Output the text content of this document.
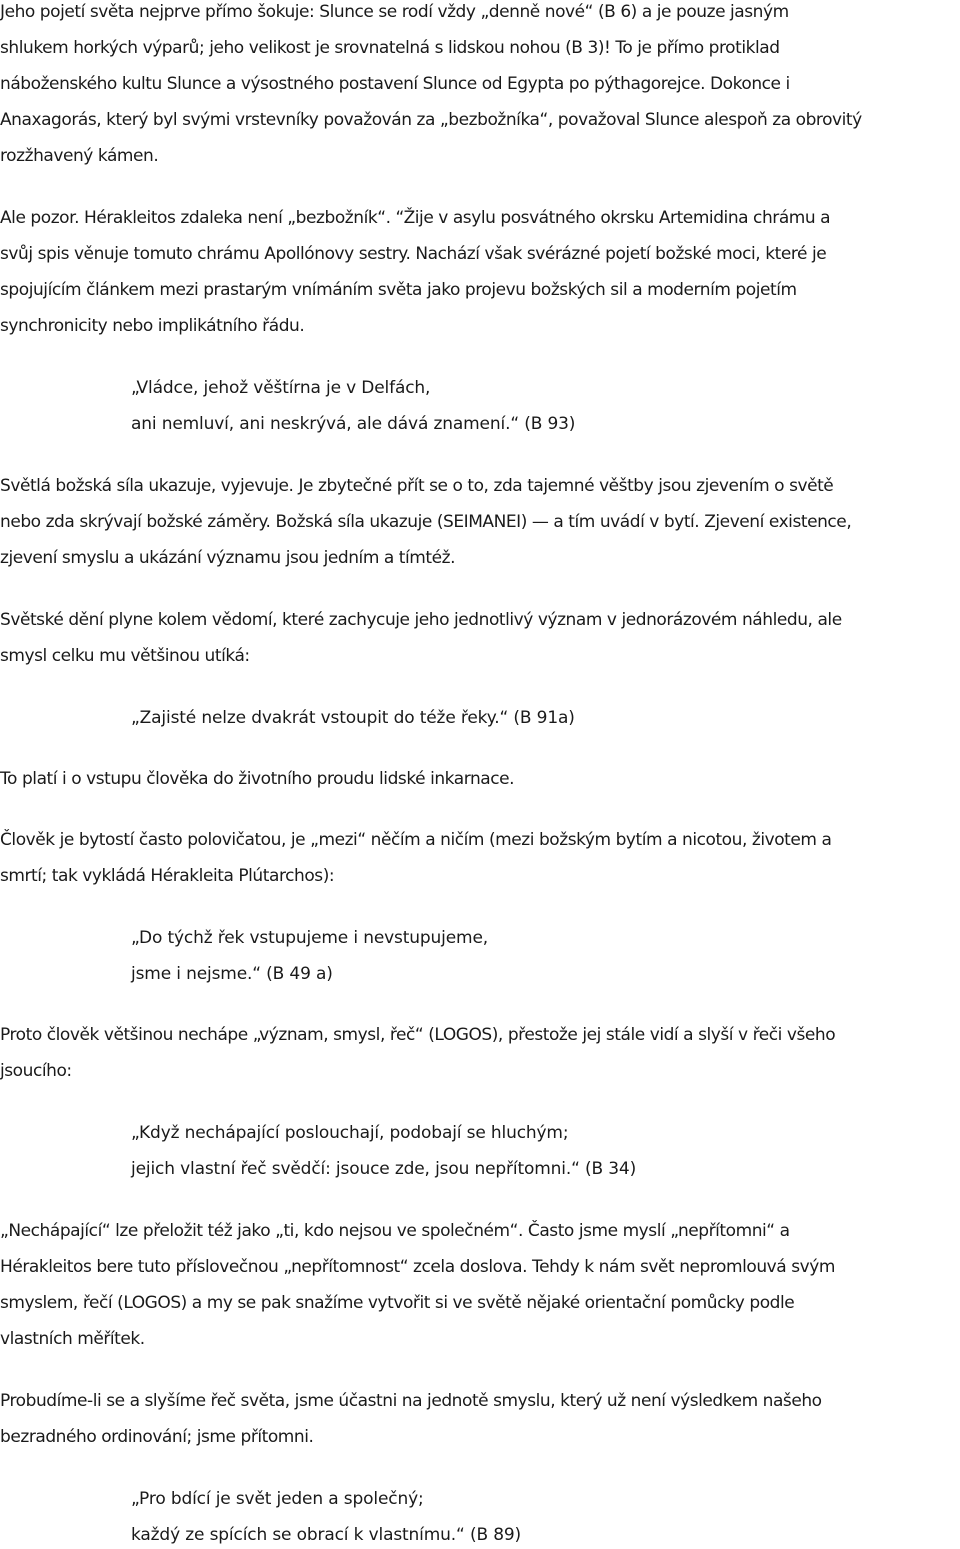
Jeho pojetí světa nejprve přímo šokuje: Slunce se rodí vždy „denně nové“ (B 6) a je pouze jasným
shlukem horkých výparů; jeho velikost je srovnatelná s lidskou nohou (B 3)! To je přímo protiklad
náboženského kultu Slunce a výsostného postavení Slunce od Egypta po pýthagorejce. Dokonce i
Anaxagorás, který byl svými vrstevníky považován za „bezbožníka“, považoval Slunce alespoň za obrovitý
rozžhavený kámen.
Ale pozor. Hérakleitos zdaleka není „bezbožník“. “Žije v asylu posvátného okrsku Artemidina chrámu a
svůj spis věnuje tomuto chrámu Apollónovy sestry. Nachází však svérázné pojetí božské moci, které je
spojujícím článkem mezi prastarým vnímáním světa jako projevu božských sil a moderním pojetím
synchronicity nebo implikátního řádu.
„Vládce, jehož věštírna je v Delfách,
ani nemluví, ani neskrývá, ale dává znamení.“ (B 93)
Světlá božská síla ukazuje, vyjevuje. Je zbytečné přít se o to, zda tajemné věštby jsou zjevením o světě
nebo zda skrývají božské záměry. Božská síla ukazuje (SEIMANEI) — a tím uvádí v bytí. Zjevení existence,
zjevení smyslu a ukázání významu jsou jedním a tímtéž.
Světské dění plyne kolem vědomí, které zachycuje jeho jednotlivý význam v jednorázovém náhledu, ale
smysl celku mu většinou utíká:
„Zajisté nelze dvakrát vstoupit do téže řeky.“ (B 91a)
To platí i o vstupu člověka do životního proudu lidské inkarnace.
Člověk je bytostí často polovičatou, je „mezi“ něčím a ničím (mezi božským bytím a nicotou, životem a
smrtí; tak vykládá Hérakleita Plútarchos):
„Do týchž řek vstupujeme i nevstupujeme,
jsme i nejsme.“ (B 49 a)
Proto člověk většinou nechápe „význam, smysl, řeč“ (LOGOS), přestože jej stále vidí a slyší v řeči všeho
jsoucího:
„Když nechápající poslouchají, podobají se hluchým;
jejich vlastní řeč svědčí: jsouce zde, jsou nepřítomni.“ (B 34)
„Nechápající“ lze přeložit též jako „ti, kdo nejsou ve společném“. Často jsme myslí „nepřítomni“ a
Hérakleitos bere tuto příslovečnou „nepřítomnost“ zcela doslova. Tehdy k nám svět nepromlouvá svým
smyslem, řečí (LOGOS) a my se pak snažíme vytvořit si ve světě nějaké orientační pomůcky podle
vlastních měřítek.
Probudíme-li se a slyšíme řeč světa, jsme účastni na jednotě smyslu, který už není výsledkem našeho
bezradného ordinování; jsme přítomni.
„Pro bdící je svět jeden a společný;
každý ze spících se obrací k vlastnímu.“ (B 89)
